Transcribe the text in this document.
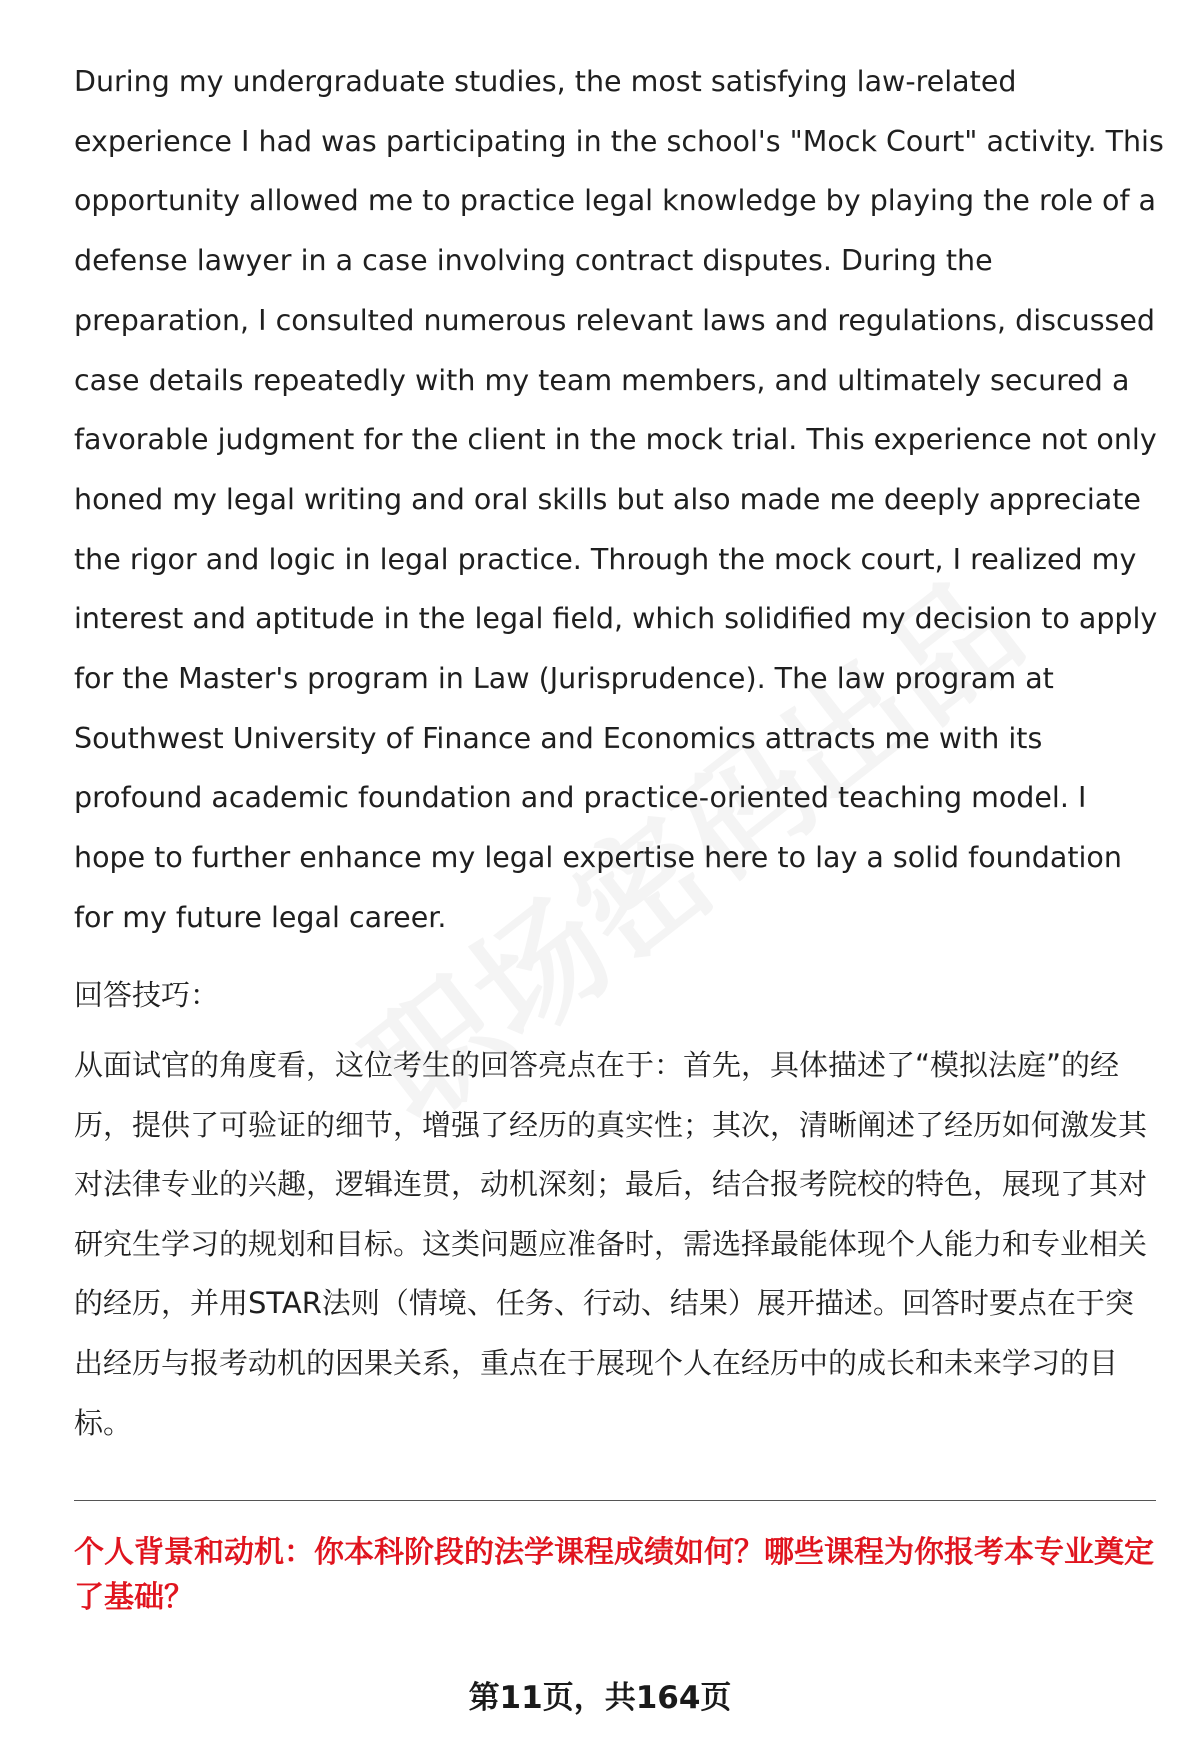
During my undergraduate studies, the most satisfying law-related experience I had was participating in the school's "Mock Court" activity. This opportunity allowed me to practice legal knowledge by playing the role of a defense lawyer in a case involving contract disputes. During the preparation, I consulted numerous relevant laws and regulations, discussed case details repeatedly with my team members, and ultimately secured a favorable judgment for the client in the mock trial. This experience not only honed my legal writing and oral skills but also made me deeply appreciate the rigor and logic in legal practice. Through the mock court, I realized my interest and aptitude in the legal field, which solidified my decision to apply for the Master's program in Law (Jurisprudence). The law program at Southwest University of Finance and Economics attracts me with its profound academic foundation and practice-oriented teaching model. I hope to further enhance my legal expertise here to lay a solid foundation for my future legal career.

回答技巧：

从面试官的角度看，这位考生的回答亮点在于：首先，具体描述了“模拟法庭”的经历，提供了可验证的细节，增强了经历的真实性；其次，清晰阐述了经历如何激发其对法律专业的兴趣，逻辑连贯，动机深刻；最后，结合报考院校的特色，展现了其对研究生学习的规划和目标。这类问题应准备时，需选择最能体现个人能力和专业相关的经历，并用STAR法则（情境、任务、行动、结果）展开描述。回答时要点在于突出经历与报考动机的因果关系，重点在于展现个人在经历中的成长和未来学习的目标。

个人背景和动机：你本科阶段的法学课程成绩如何？哪些课程为你报考本专业奠定了基础？

第11页，共164页
